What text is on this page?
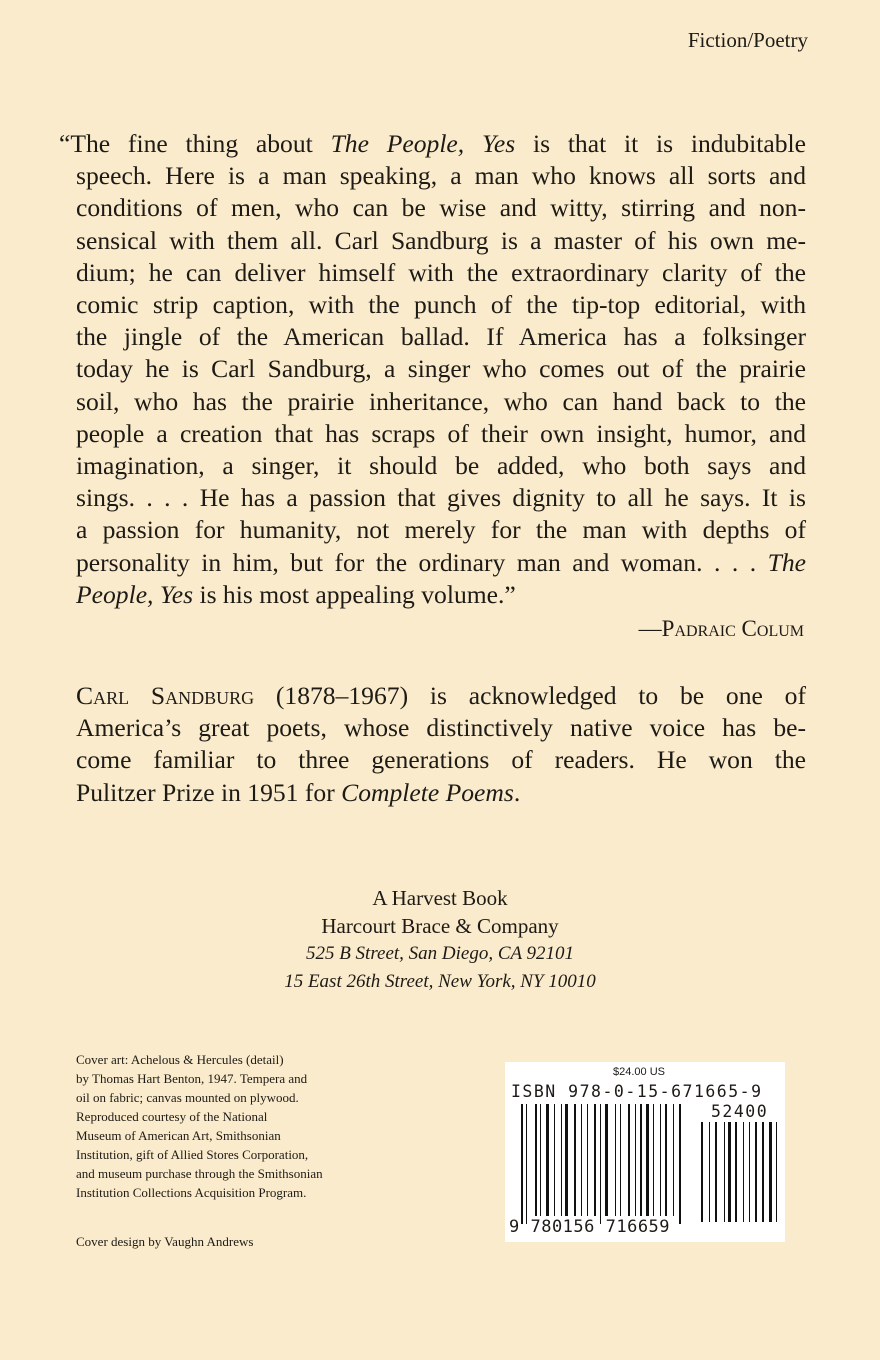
Fiction/Poetry
“The fine thing about The People, Yes is that it is indubitable
speech. Here is a man speaking, a man who knows all sorts and
conditions of men, who can be wise and witty, stirring and non-
sensical with them all. Carl Sandburg is a master of his own me-
dium; he can deliver himself with the extraordinary clarity of the
comic strip caption, with the punch of the tip-top editorial, with
the jingle of the American ballad. If America has a folksinger
today he is Carl Sandburg, a singer who comes out of the prairie
soil, who has the prairie inheritance, who can hand back to the
people a creation that has scraps of their own insight, humor, and
imagination, a singer, it should be added, who both says and
sings. . . . He has a passion that gives dignity to all he says. It is
a passion for humanity, not merely for the man with depths of
personality in him, but for the ordinary man and woman. . . . The
People, Yes is his most appealing volume.”
—Padraic Colum
Carl Sandburg (1878–1967) is acknowledged to be one of
America’s great poets, whose distinctively native voice has be-
come familiar to three generations of readers. He won the
Pulitzer Prize in 1951 for Complete Poems.
A Harvest Book
Harcourt Brace & Company
525 B Street, San Diego, CA 92101
15 East 26th Street, New York, NY 10010
Cover art: Achelous & Hercules (detail)
by Thomas Hart Benton, 1947. Tempera and
oil on fabric; canvas mounted on plywood.
Reproduced courtesy of the National
Museum of American Art, Smithsonian
Institution, gift of Allied Stores Corporation,
and museum purchase through the Smithsonian
Institution Collections Acquisition Program.
Cover design by Vaughn Andrews
$24.00 US
ISBN 978-0-15-671665-9
52400
9 780156 716659
